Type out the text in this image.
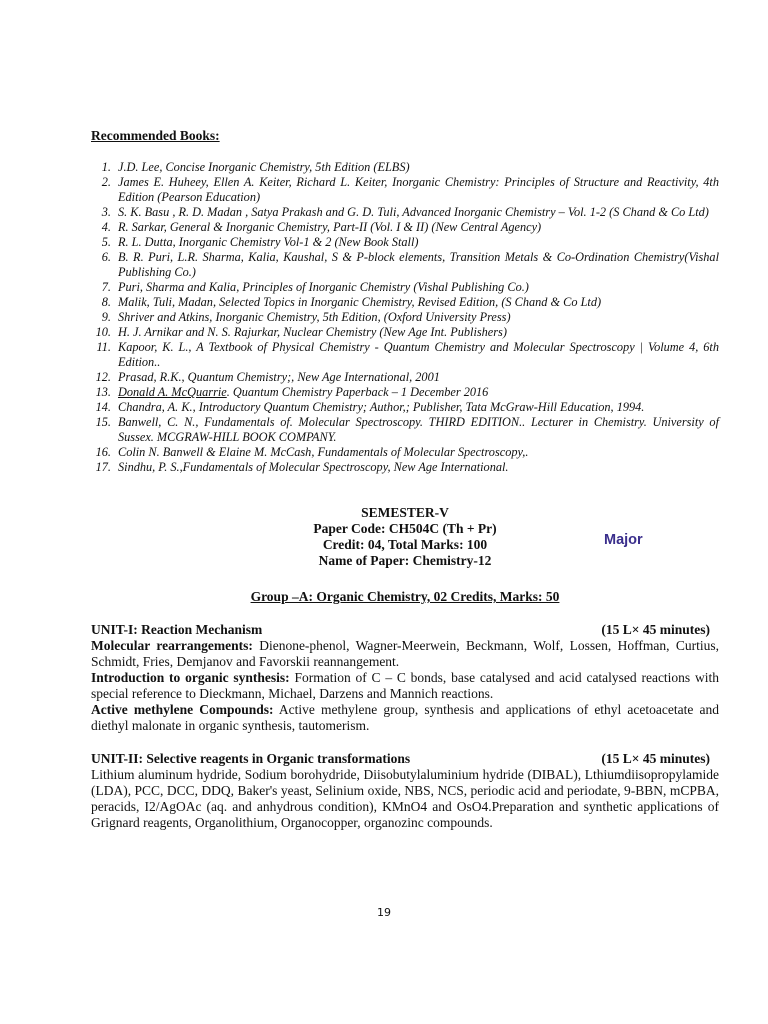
Recommended Books:
1. J.D. Lee, Concise Inorganic Chemistry, 5th Edition (ELBS)
2. James E. Huheey, Ellen A. Keiter, Richard L. Keiter, Inorganic Chemistry: Principles of Structure and Reactivity, 4th Edition (Pearson Education)
3. S. K. Basu , R. D. Madan , Satya Prakash and G. D. Tuli, Advanced Inorganic Chemistry – Vol. 1-2 (S Chand & Co Ltd)
4. R. Sarkar, General & Inorganic Chemistry, Part-II (Vol. I & II) (New Central Agency)
5. R. L. Dutta, Inorganic Chemistry Vol-1 & 2 (New Book Stall)
6. B. R. Puri, L.R. Sharma, Kalia, Kaushal, S & P-block elements, Transition Metals & Co-Ordination Chemistry(Vishal Publishing Co.)
7. Puri, Sharma and Kalia, Principles of Inorganic Chemistry (Vishal Publishing Co.)
8. Malik, Tuli, Madan, Selected Topics in Inorganic Chemistry, Revised Edition, (S Chand & Co Ltd)
9. Shriver and Atkins, Inorganic Chemistry, 5th Edition, (Oxford University Press)
10. H. J. Arnikar and N. S. Rajurkar, Nuclear Chemistry (New Age Int. Publishers)
11. Kapoor, K. L., A Textbook of Physical Chemistry - Quantum Chemistry and Molecular Spectroscopy | Volume 4, 6th Edition..
12. Prasad, R.K., Quantum Chemistry;, New Age International, 2001
13. Donald A. McQuarrie. Quantum Chemistry Paperback – 1 December 2016
14. Chandra, A. K., Introductory Quantum Chemistry; Author,; Publisher, Tata McGraw-Hill Education, 1994.
15. Banwell, C. N., Fundamentals of. Molecular Spectroscopy. THIRD EDITION.. Lecturer in Chemistry. University of Sussex. MCGRAW-HILL BOOK COMPANY.
16. Colin N. Banwell & Elaine M. McCash, Fundamentals of Molecular Spectroscopy,.
17. Sindhu, P. S.,Fundamentals of Molecular Spectroscopy, New Age International.
SEMESTER-V
Paper Code: CH504C (Th + Pr)
Credit: 04, Total Marks: 100
Name of Paper: Chemistry-12
Major
Group –A: Organic Chemistry, 02 Credits, Marks: 50
UNIT-I: Reaction Mechanism	(15 L× 45 minutes)

Molecular rearrangements: Dienone-phenol, Wagner-Meerwein, Beckmann, Wolf, Lossen, Hoffman, Curtius, Schmidt, Fries, Demjanov and Favorskii reannangement.

Introduction to organic synthesis: Formation of C – C bonds, base catalysed and acid catalysed reactions with special reference to Dieckmann, Michael, Darzens and Mannich reactions.

Active methylene Compounds: Active methylene group, synthesis and applications of ethyl acetoacetate and diethyl malonate in organic synthesis, tautomerism.

UNIT-II: Selective reagents in Organic transformations	(15 L× 45 minutes)

Lithium aluminum hydride, Sodium borohydride, Diisobutylaluminium hydride (DIBAL), Lthiumdiisopropylamide (LDA), PCC, DCC, DDQ, Baker's yeast, Selinium oxide, NBS, NCS, periodic acid and periodate, 9-BBN, mCPBA, peracids, I2/AgOAc (aq. and anhydrous condition), KMnO4 and OsO4.Preparation and synthetic applications of Grignard reagents, Organolithium, Organocopper, organozinc compounds.

19
